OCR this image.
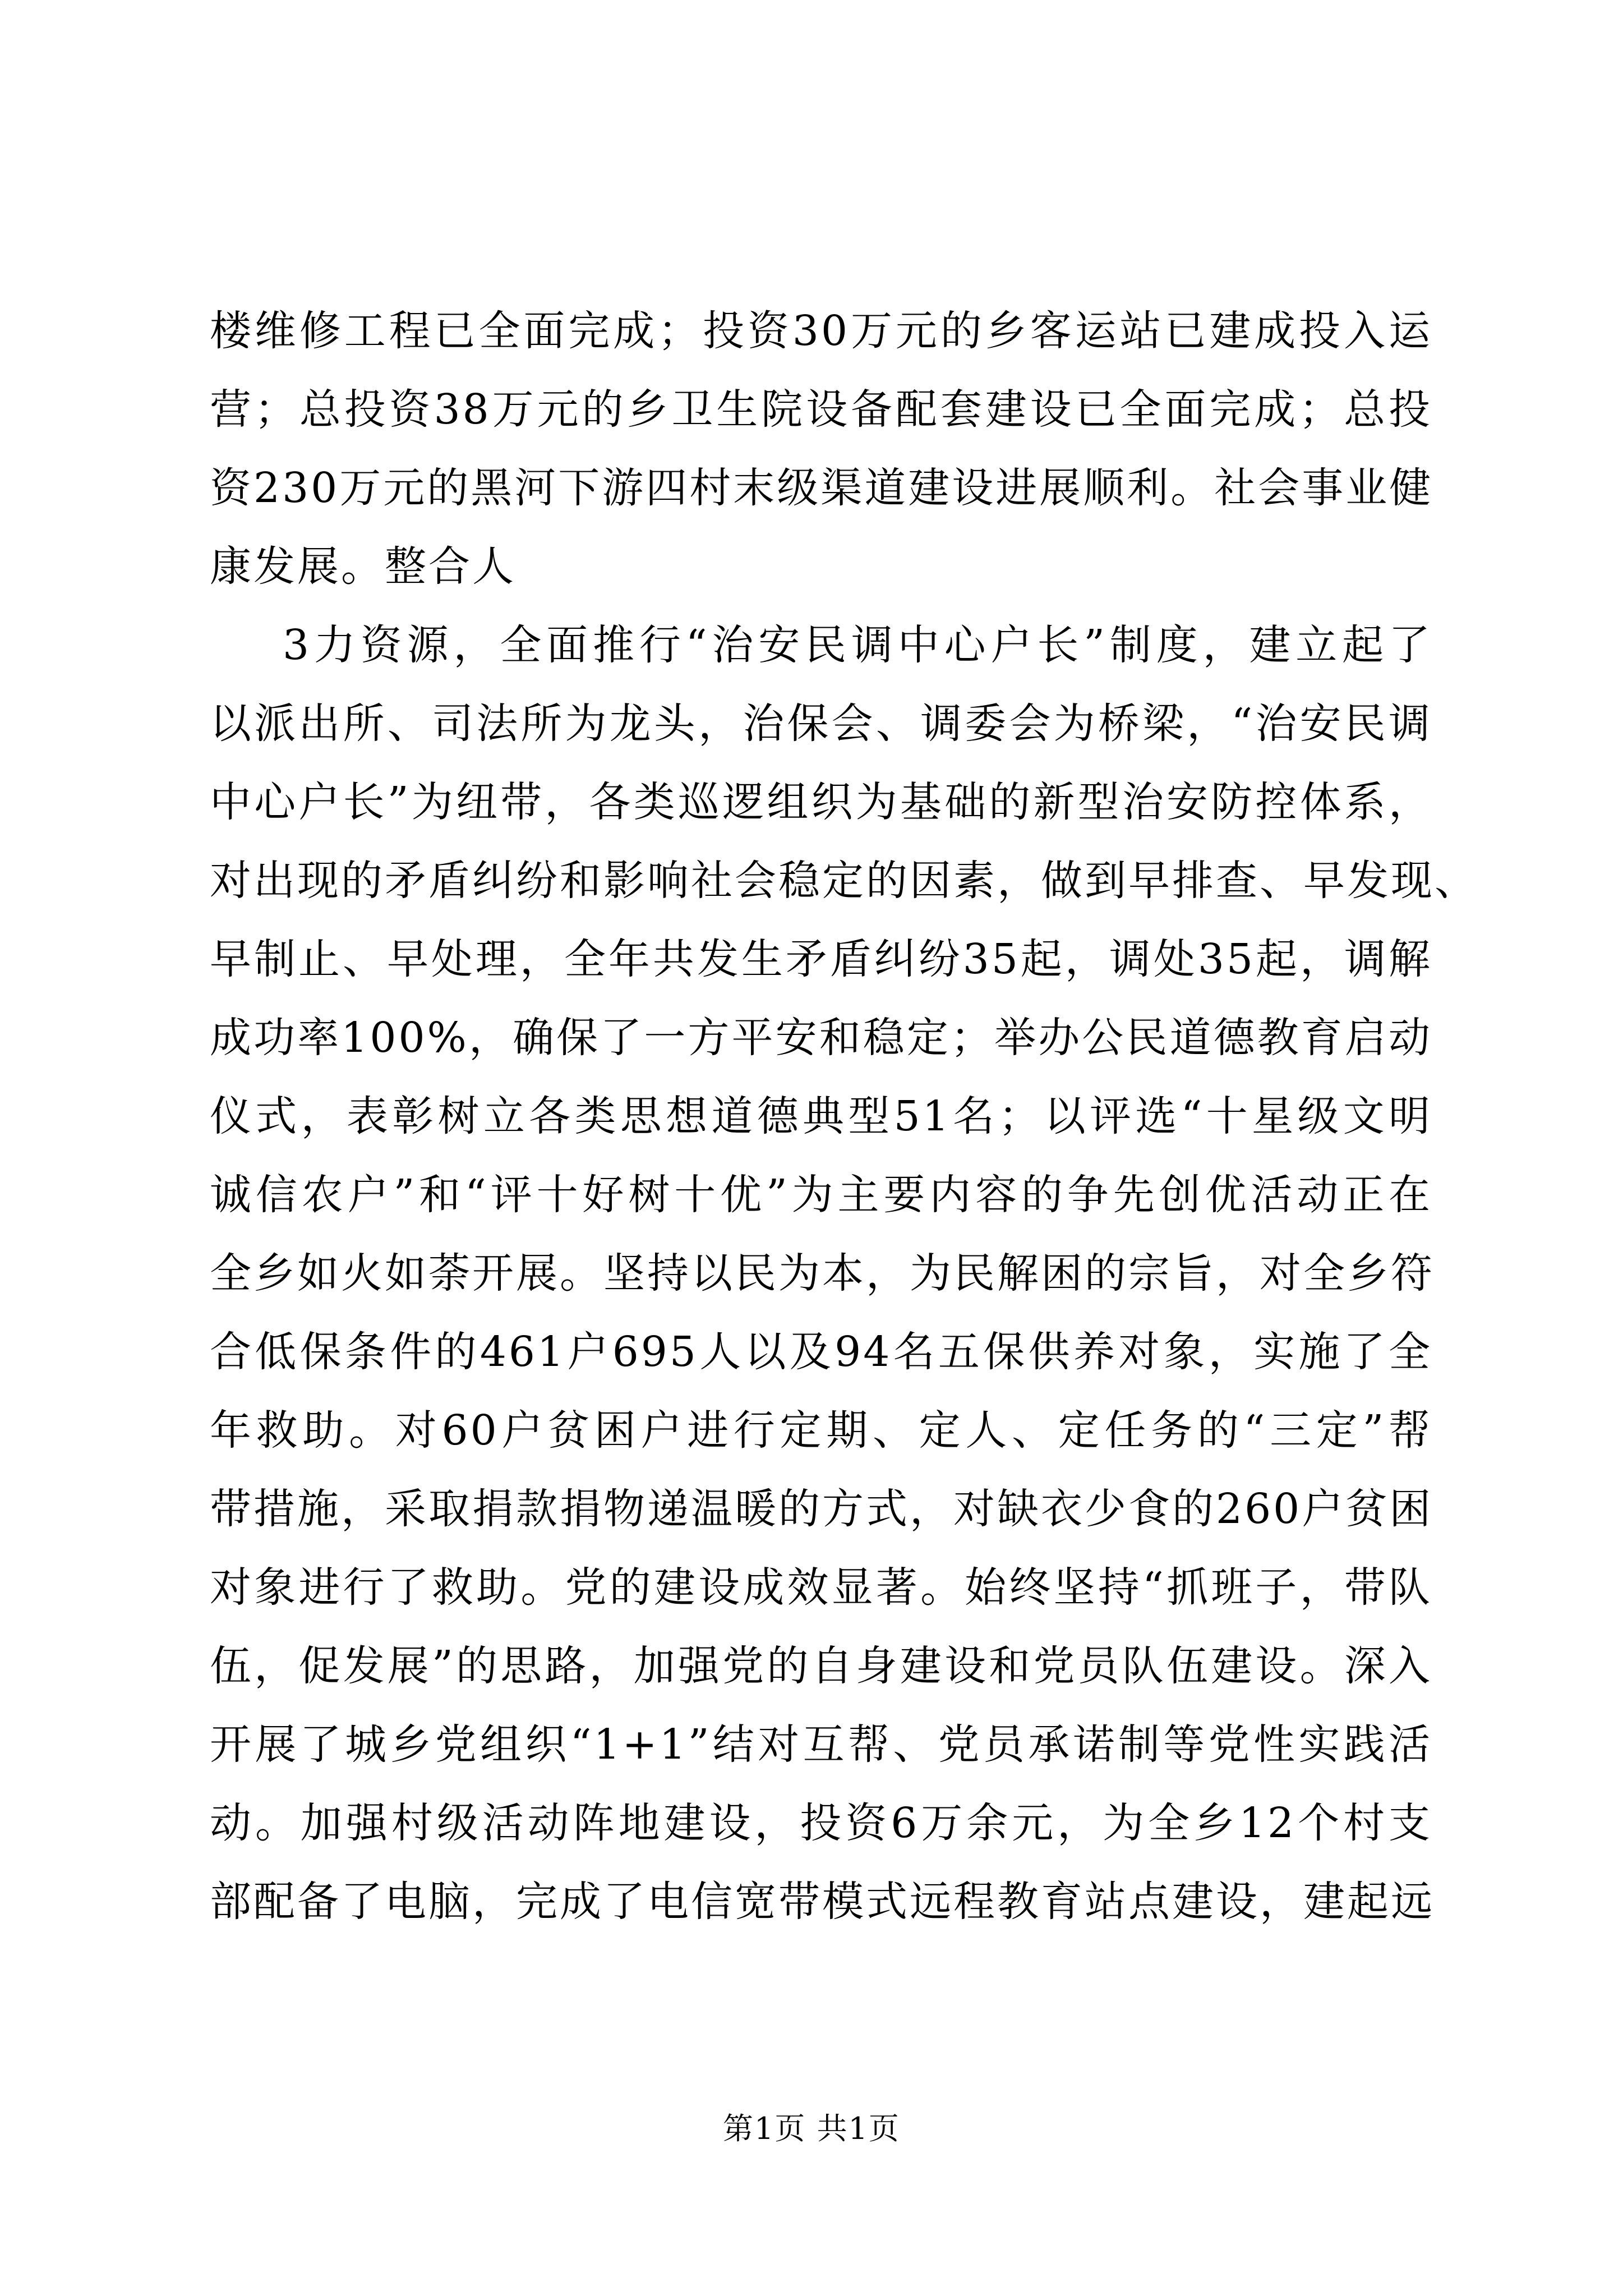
楼维修工程已全面完成；投资30万元的乡客运站已建成投入运
营；总投资38万元的乡卫生院设备配套建设已全面完成；总投
资230万元的黑河下游四村末级渠道建设进展顺利。社会事业健
康发展。整合人
3力资源，全面推行“治安民调中心户长”制度，建立起了
以派出所、司法所为龙头，治保会、调委会为桥梁，“治安民调
中心户长”为纽带，各类巡逻组织为基础的新型治安防控体系，
对出现的矛盾纠纷和影响社会稳定的因素，做到早排查、早发现、
早制止、早处理，全年共发生矛盾纠纷35起，调处35起，调解
成功率100%，确保了一方平安和稳定；举办公民道德教育启动
仪式，表彰树立各类思想道德典型51名；以评选“十星级文明
诚信农户”和“评十好树十优”为主要内容的争先创优活动正在
全乡如火如荼开展。坚持以民为本，为民解困的宗旨，对全乡符
合低保条件的461户695人以及94名五保供养对象，实施了全
年救助。对60户贫困户进行定期、定人、定任务的“三定”帮
带措施，采取捐款捐物递温暖的方式，对缺衣少食的260户贫困
对象进行了救助。党的建设成效显著。始终坚持“抓班子，带队
伍，促发展”的思路，加强党的自身建设和党员队伍建设。深入
开展了城乡党组织“1+1”结对互帮、党员承诺制等党性实践活
动。加强村级活动阵地建设，投资6万余元，为全乡12个村支
部配备了电脑，完成了电信宽带模式远程教育站点建设，建起远
第1页 共1页
